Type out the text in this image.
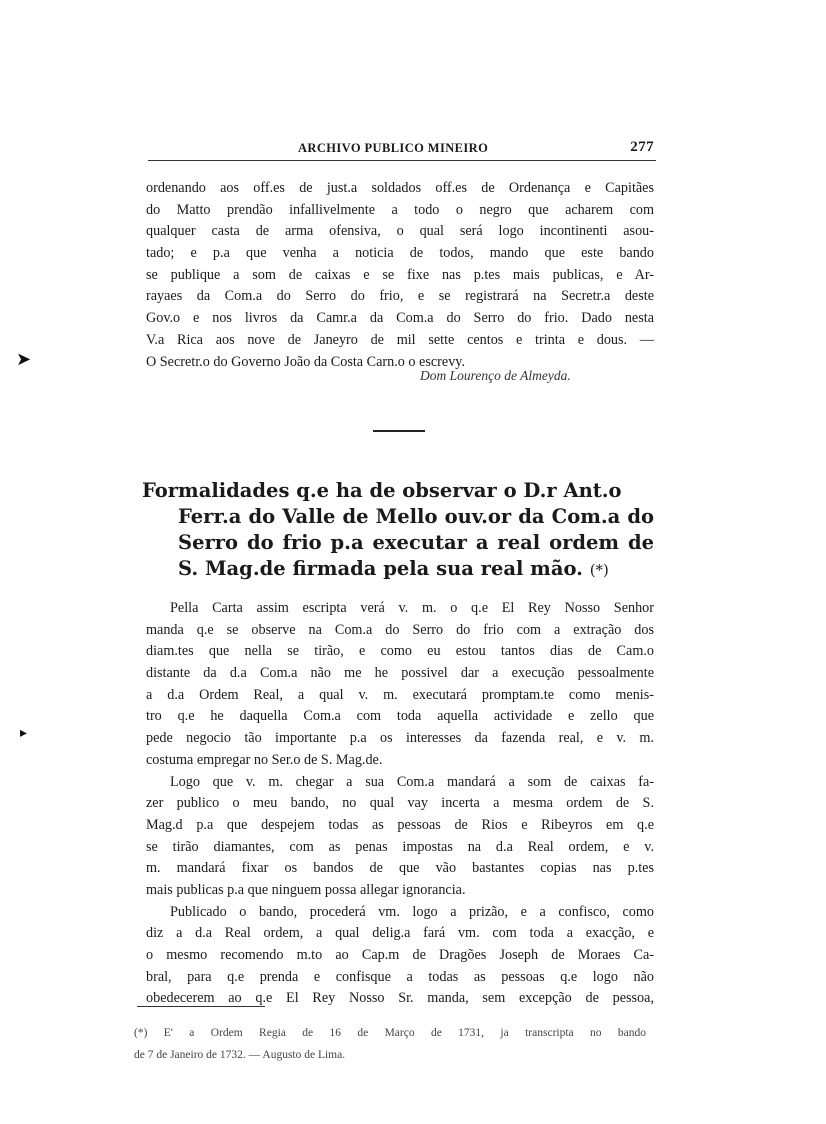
ARCHIVO PUBLICO MINEIRO	277
ordenando aos off.es de just.a soldados off.es de Ordenança e Capitães
do Matto prendão infallivelmente a todo o negro que acharem com
qualquer casta de arma ofensiva, o qual será logo incontinenti asou-
tado; e p.a que venha a noticia de todos, mando que este bando
se publique a som de caixas e se fixe nas p.tes mais publicas, e Ar-
rayaes da Com.a do Serro do frio, e se registrará na Secretr.a deste
Gov.o e nos livros da Camr.a da Com.a do Serro do frio. Dado nesta
V.a Rica aos nove de Janeyro de mil sette centos e trinta e dous. —
O Secretr.o do Governo João da Costa Carn.o o escrevy.
Dom Lourenço de Almeyda.
Formalidades q.e ha de observar o D.r Ant.o
Ferr.a do Valle de Mello ouv.or da Com.a do
Serro do frio p.a executar a real ordem de
S. Mag.de firmada pela sua real mão. (*)
Pella Carta assim escripta verá v. m. o q.e El Rey Nosso Senhor
manda q.e se observe na Com.a do Serro do frio com a extração dos
diam.tes que nella se tirão, e como eu estou tantos dias de Cam.o
distante da d.a Com.a não me he possivel dar a execução pessoalmente
a d.a Ordem Real, a qual v. m. executará promptam.te como menis-
tro q.e he daquella Com.a com toda aquella actividade e zello que
pede negocio tão importante p.a os interesses da fazenda real, e v. m.
costuma empregar no Ser.o de S. Mag.de.
Logo que v. m. chegar a sua Com.a mandará a som de caixas fa-
zer publico o meu bando, no qual vay incerta a mesma ordem de S.
Mag.d p.a que despejem todas as pessoas de Rios e Ribeyros em q.e
se tirão diamantes, com as penas impostas na d.a Real ordem, e v.
m. mandará fixar os bandos de que vão bastantes copias nas p.tes
mais publicas p.a que ninguem possa allegar ignorancia.
Publicado o bando, procederá vm. logo a prizão, e a confisco, como
diz a d.a Real ordem, a qual delig.a fará vm. com toda a exacção, e
o mesmo recomendo m.to ao Cap.m de Dragões Joseph de Moraes Ca-
bral, para q.e prenda e confisque a todas as pessoas q.e logo não
obedecerem ao q.e El Rey Nosso Sr. manda, sem excepção de pessoa,
(*) E' a Ordem Regia de 16 de Março de 1731, ja transcripta no bando
de 7 de Janeiro de 1732. — Augusto de Lima.
➤
▸
